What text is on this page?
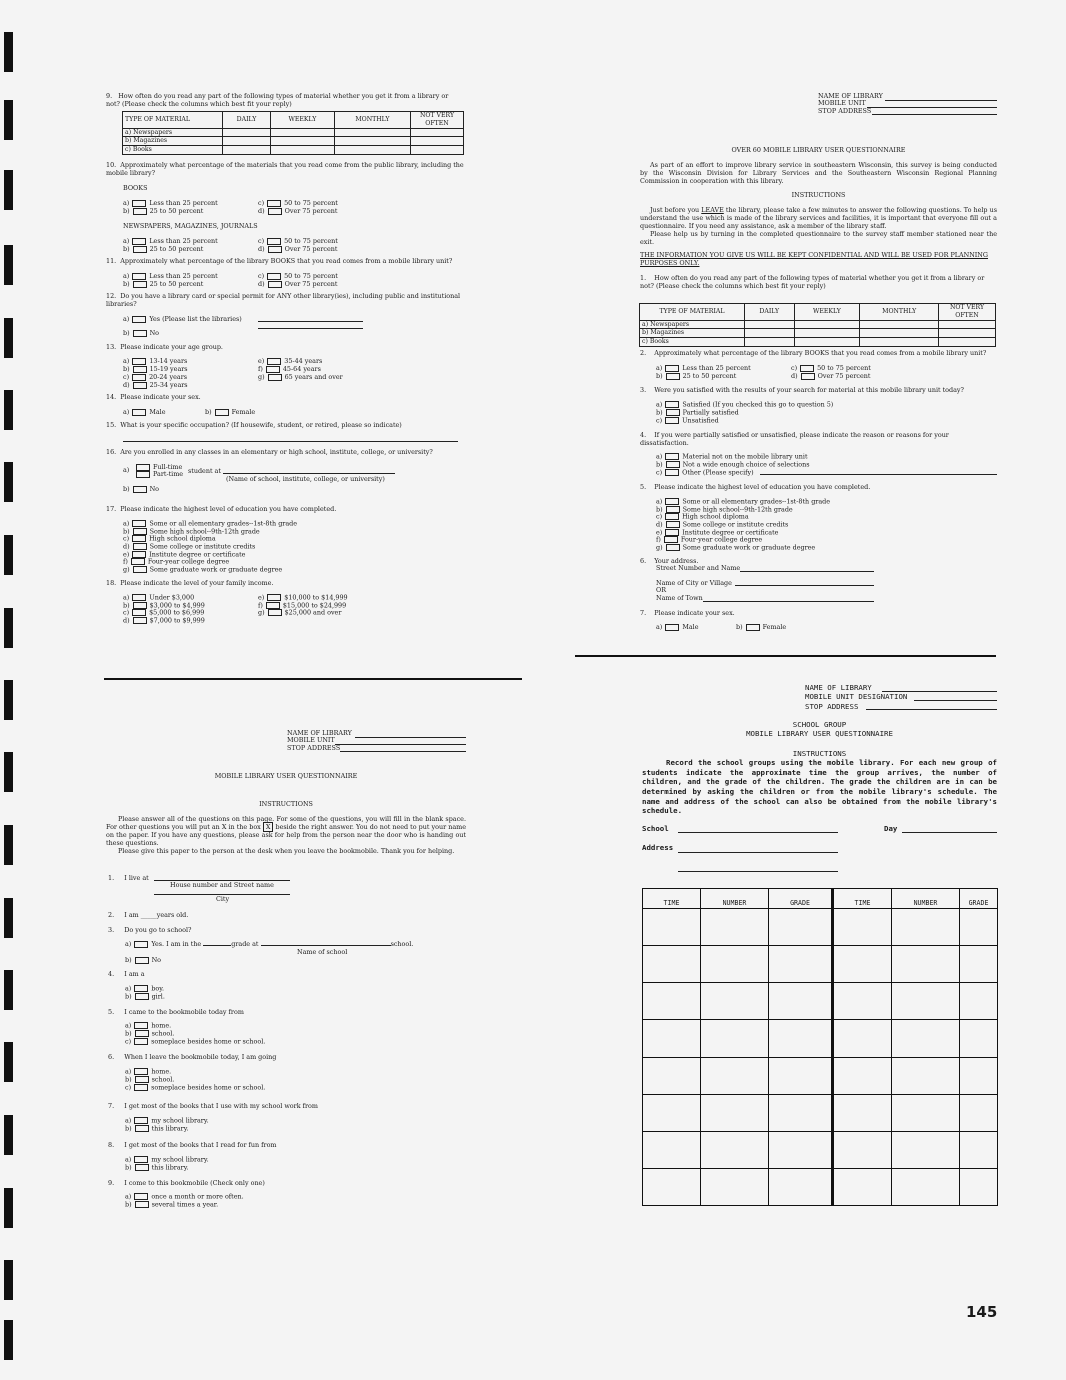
9. How often do you read any part of the following types of material whether you get it from a library or not? (Please check the columns which best fit your reply)
TYPE OF MATERIAL	DAILY	WEEKLY	MONTHLY	NOT VERY OFTEN
a) Newspapers				
b) Magazines				
c) Books				
10. Approximately what percentage of the materials that you read come from the public library, including the mobile library?
BOOKS
a)	Less than 25 percent	c)	50 to 75 percent
b)	25 to 50 percent	d)	Over 75 percent
NEWSPAPERS, MAGAZINES, JOURNALS
a)	Less than 25 percent	c)	50 to 75 percent
b)	25 to 50 percent	d)	Over 75 percent
11. Approximately what percentage of the library BOOKS that you read comes from a mobile library unit?
a)	Less than 25 percent	c)	50 to 75 percent
b)	25 to 50 percent	d)	Over 75 percent
12. Do you have a library card or special permit for ANY other library(ies), including public and institutional libraries?
a)	Yes (Please list the libraries)
b)	No
13. Please indicate your age group.
a)	13-14 years	e)	35-44 years
b)	15-19 years	f)	45-64 years
c)	20-24 years	g)	65 years and over
d)	25-34 years
14. Please indicate your sex.
a)	Male	b)	Female
15. What is your specific occupation? (If housewife, student, or retired, please so indicate)
16. Are you enrolled in any classes in an elementary or high school, institute, college, or university?
a)	Full-time
Part-time student at
(Name of school, institute, college, or university)
b)	No
17. Please indicate the highest level of education you have completed.
a)	Some or all elementary grades--1st-8th grade
b)	Some high school--9th-12th grade
c)	High school diploma
d)	Some college or institute credits
e)	Institute degree or certificate
f)	Four-year college degree
g)	Some graduate work or graduate degree
18. Please indicate the level of your family income.
a)	Under $3,000	e)	$10,000 to $14,999
b)	$3,000 to $4,999	f)	$15,000 to $24,999
c)	$5,000 to $6,999	g)	$25,000 and over
d)	$7,000 to $9,999
NAME OF LIBRARY
MOBILE UNIT
STOP ADDRESS
OVER 60 MOBILE LIBRARY USER QUESTIONNAIRE
As part of an effort to improve library service in southeastern Wisconsin, this survey is being conducted by the Wisconsin Division for Library Services and the Southeastern Wisconsin Regional Planning Commission in cooperation with this library.
INSTRUCTIONS
Just before you LEAVE the library, please take a few minutes to answer the following questions. To help us understand the use which is made of the library services and facilities, it is important that everyone fill out a questionnaire. If you need any assistance, ask a member of the library staff.
Please help us by turning in the completed questionnaire to the survey staff member stationed near the exit.
THE INFORMATION YOU GIVE US WILL BE KEPT CONFIDENTIAL AND WILL BE USED FOR PLANNING PURPOSES ONLY.
1. How often do you read any part of the following types of material whether you get it from a library or not? (Please check the columns which best fit your reply)
TYPE OF MATERIAL	DAILY	WEEKLY	MONTHLY	NOT VERY OFTEN
a) Newspapers				
b) Magazines				
c) Books				
2. Approximately what percentage of the library BOOKS that you read comes from a mobile library unit?
a)	Less than 25 percent	c)	50 to 75 percent
b)	25 to 50 percent	d)	Over 75 percent
3. Were you satisfied with the results of your search for material at this mobile library unit today?
a)	Satisfied (If you checked this go to question 5)
b)	Partially satisfied
c)	Unsatisfied
4. If you were partially satisfied or unsatisfied, please indicate the reason or reasons for your dissatisfaction.
a)	Material not on the mobile library unit
b)	Not a wide enough choice of selections
c)	Other (Please specify)
5. Please indicate the highest level of education you have completed.
a)	Some or all elementary grades--1st-8th grade
b)	Some high school--9th-12th grade
c)	High school diploma
d)	Some college or institute credits
e)	Institute degree or certificate
f)	Four-year college degree
g)	Some graduate work or graduate degree
6. Your address.
Street Number and Name
Name of City or Village
OR
Name of Town
7. Please indicate your sex.
a)	Male	b)	Female
NAME OF LIBRARY
MOBILE UNIT
STOP ADDRESS
MOBILE LIBRARY USER QUESTIONNAIRE
INSTRUCTIONS
Please answer all of the questions on this page. For some of the questions, you will fill in the blank space. For other questions you will put an X in the box X beside the right answer. You do not need to put your name on the paper. If you have any questions, please ask for help from the person near the door who is handing out these questions.
Please give this paper to the person at the desk when you leave the bookmobile. Thank you for helping.
1. I live at
House number and Street name
City
2. I am _____years old.
3. Do you go to school?
a)	Yes. I am in the	grade at	school.
Name of school
b)	No
4. I am a
a)	boy.
b)	girl.
5. I came to the bookmobile today from
a)	home.
b)	school.
c)	someplace besides home or school.
6. When I leave the bookmobile today, I am going
a)	home.
b)	school.
c)	someplace besides home or school.
7. I get most of the books that I use with my school work from
a)	my school library.
b)	this library.
8. I get most of the books that I read for fun from
a)	my school library.
b)	this library.
9. I come to this bookmobile (Check only one)
a)	once a month or more often.
b)	several times a year.
NAME OF LIBRARY
MOBILE UNIT DESIGNATION
STOP ADDRESS
SCHOOL GROUP
MOBILE LIBRARY USER QUESTIONNAIRE
INSTRUCTIONS
Record the school groups using the mobile library. For each new group of students indicate the approximate time the group arrives, the number of children, and the grade of the children. The grade the children are in can be determined by asking the children or from the mobile library's schedule. The name and address of the school can also be obtained from the mobile library's schedule.
School	Day
Address
TIME	NUMBER	GRADE	TIME	NUMBER	GRADE

145
